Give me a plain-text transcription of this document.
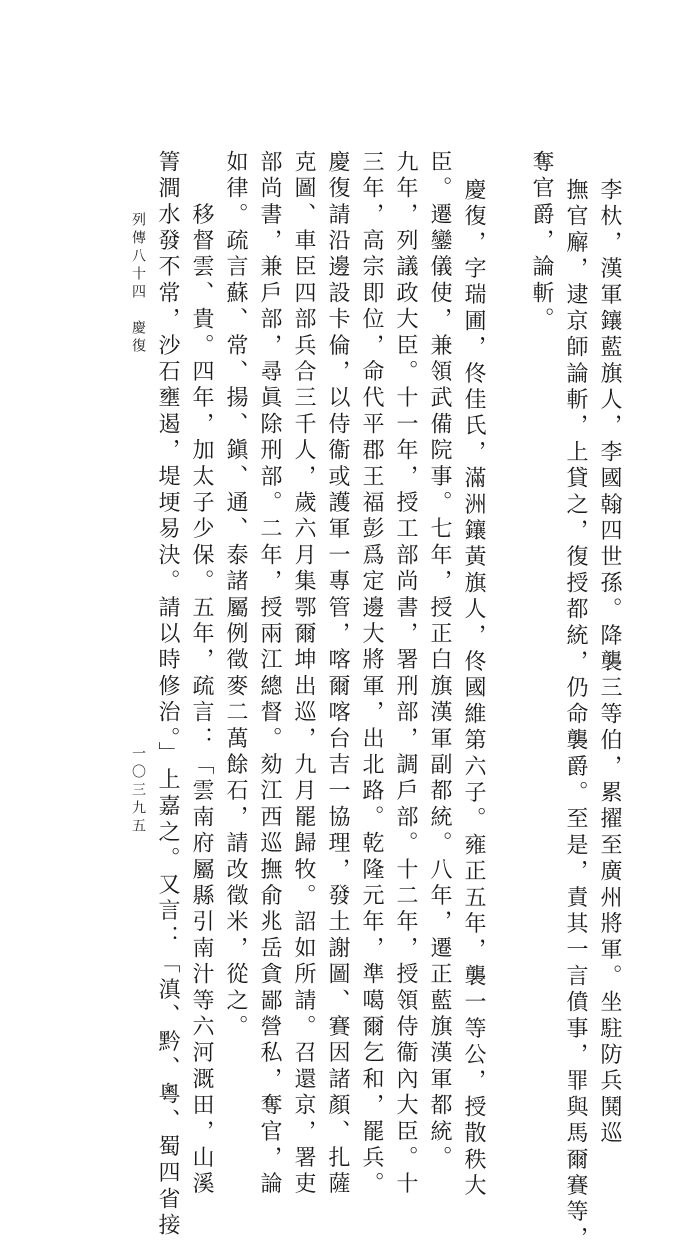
列傳八十四　慶復	李杕，漢軍鑲藍旗人，李國翰四世孫。降襲三等伯，累擢至廣州將軍。坐駐防兵鬨巡
撫官廨，逮京師論斬，上貸之，復授都統，仍命襲爵。至是，責其一言僨事，罪與馬爾賽等，
奪官爵，論斬。
慶復，字瑞圃，佟佳氏，滿洲鑲黃旗人，佟國維第六子。雍正五年，襲一等公，授散秩大
臣。遷鑾儀使，兼領武備院事。七年，授正白旗漢軍副都統。八年，遷正藍旗漢軍都統。
九年，列議政大臣。十一年，授工部尚書，署刑部，調戶部。十二年，授領侍衞內大臣。十
三年，高宗即位，命代平郡王福彭爲定邊大將軍，出北路。乾隆元年，準噶爾乞和，罷兵。
慶復請沿邊設卡倫，以侍衞或護軍一專管，喀爾喀台吉一協理，發土謝圖、賽因諸顏、扎薩
克圖、車臣四部兵合三千人，歲六月集鄂爾坤出巡，九月罷歸牧。詔如所請。召還京，署吏
部尚書，兼戶部，尋眞除刑部。二年，授兩江總督。劾江西巡撫俞兆岳貪鄙營私，奪官，論
如律。疏言蘇、常、揚、鎭、通、泰諸屬例徵麥二萬餘石，請改徵米，從之。
　　移督雲、貴。四年，加太子少保。五年，疏言：「雲南府屬縣引南汁等六河溉田，山溪
箐澗水發不常，沙石壅遏，堤埂易決。請以時修治。」上嘉之。又言：「滇、黔、粵、蜀四省接
一〇三九五
